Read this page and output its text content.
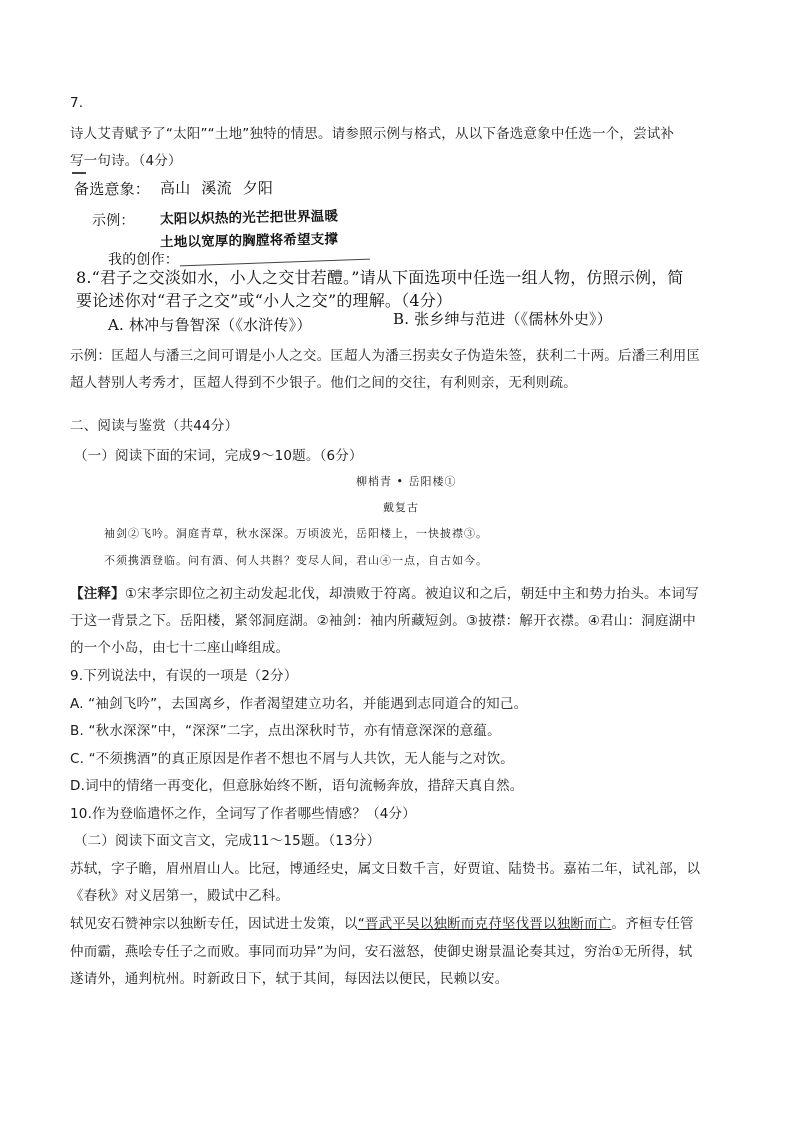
7.
诗人艾青赋予了“太阳”“土地”独特的情思。请参照示例与格式，从以下备选意象中任选一个，尝试补
写一句诗。（4分）
备选意象： 高山 溪流 夕阳
示例： 太阳以炽热的光芒把世界温暖
土地以宽厚的胸膛将希望支撑
我的创作：
8.“君子之交淡如水，小人之交甘若醴。”请从下面选项中任选一组人物，仿照示例，简
要论述你对“君子之交”或“小人之交”的理解。（4分）
A. 林冲与鲁智深（《水浒传》）	B. 张乡绅与范进（《儒林外史》）
示例：匡超人与潘三之间可谓是小人之交。匡超人为潘三拐卖女子伪造朱签，获利二十两。后潘三利用匡
超人替别人考秀才，匡超人得到不少银子。他们之间的交往，有利则亲，无利则疏。
二、阅读与鉴赏（共44分）
（一）阅读下面的宋词，完成9～10题。（6分）
柳梢青 • 岳阳楼①
戴复古
袖剑②飞吟。洞庭青草，秋水深深。万顷波光，岳阳楼上，一快披襟③。
不须携酒登临。问有酒、何人共斟？变尽人间，君山④一点，自古如今。
【注释】①宋孝宗即位之初主动发起北伐，却溃败于符离。被迫议和之后，朝廷中主和势力抬头。本词写
于这一背景之下。岳阳楼，紧邻洞庭湖。②袖剑：袖内所藏短剑。③披襟：解开衣襟。④君山：洞庭湖中
的一个小岛，由七十二座山峰组成。
9.下列说法中，有误的一项是（2分）
A. “袖剑飞吟”，去国离乡，作者渴望建立功名，并能遇到志同道合的知己。
B. “秋水深深”中，“深深”二字，点出深秋时节，亦有情意深深的意蕴。
C. “不须携酒”的真正原因是作者不想也不屑与人共饮，无人能与之对饮。
D.词中的情绪一再变化，但意脉始终不断，语句流畅奔放，措辞天真自然。
10.作为登临遣怀之作，全词写了作者哪些情感？（4分）
（二）阅读下面文言文，完成11～15题。（13分）
苏轼，字子瞻，眉州眉山人。比冠，博通经史，属文日数千言，好贾谊、陆贽书。嘉祐二年，试礼部，以
《春秋》对义居第一，殿试中乙科。
轼见安石赞神宗以独断专任，因试进士发策，以“晋武平吴以独断而克苻坚伐晋以独断而亡。齐桓专任管
仲而霸，燕哙专任子之而败。事同而功异”为问，安石滋怒，使御史谢景温论奏其过，穷治①无所得，轼
遂请外，通判杭州。时新政日下，轼于其间，每因法以便民，民赖以安。
